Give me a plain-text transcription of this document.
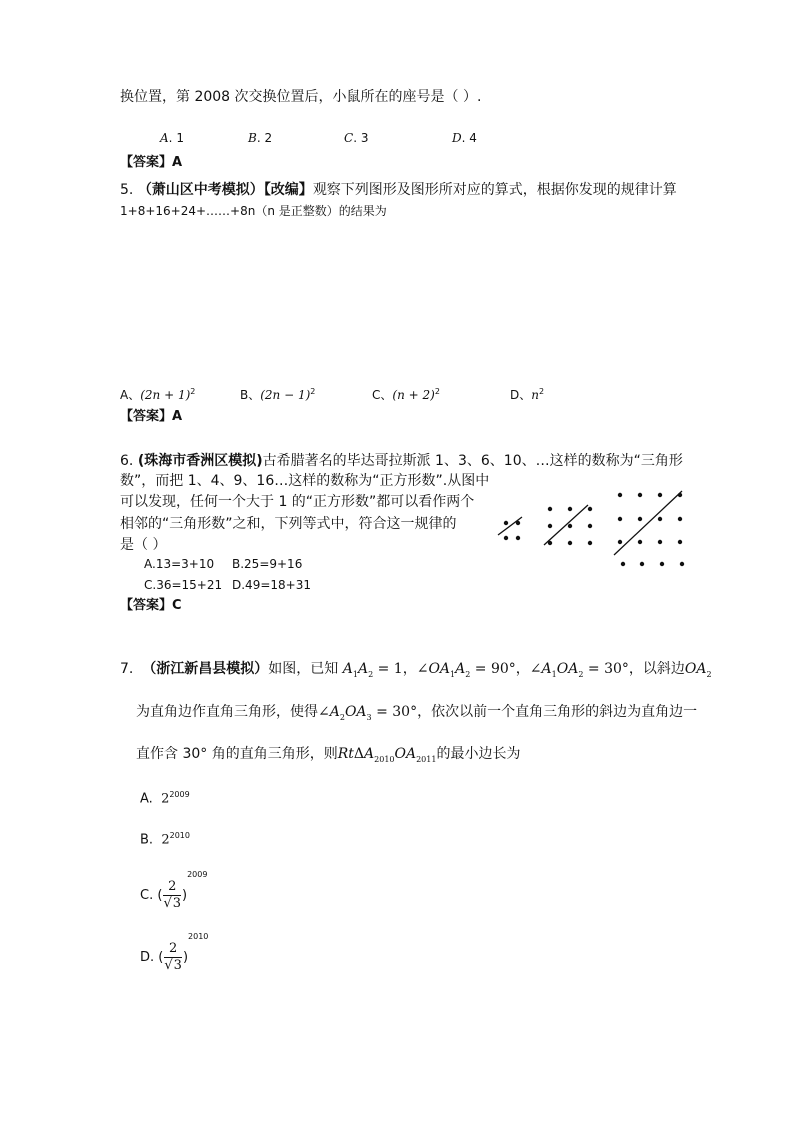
换位置，第 2008 次交换位置后，小鼠所在的座号是（ ）.
A. 1	B. 2	C. 3	D. 4
【答案】A
5. （萧山区中考模拟）【改编】观察下列图形及图形所对应的算式，根据你发现的规律计算
1+8+16+24+……+8n（n 是正整数）的结果为
A、$(2n + 1)^2$	B、$(2n - 1)^2$	C、$(n + 2)^2$	D、$n^2$
【答案】A
6. (珠海市香洲区模拟)古希腊著名的毕达哥拉斯派 1、3、6、10、…这样的数称为“三角形
数”，而把 1、4、9、16…这样的数称为“正方形数”.从图中
可以发现，任何一个大于 1 的“正方形数”都可以看作两个
相邻的“三角形数”之和，下列等式中，符合这一规律的
是（ ）
A.13=3+10 B.25=9+16
C.36=15+21 D.49=18+31
【答案】C
7. （浙江新昌县模拟）如图，已知 $A_1A_2 = 1$，$\angle OA_1A_2 = 90^\circ$，$\angle A_1OA_2 = 30^\circ$，以斜边$OA_2$
为直角边作直角三角形，使得$\angle A_2OA_3 = 30^\circ$，依次以前一个直角三角形的斜边为直角边一
直作含 30° 角的直角三角形，则$Rt\Delta A_{2010}OA_{2011}$的最小边长为
A. $2^{2009}$
B. $2^{2010}$
C. ( $\frac{2}{√3} )^{2009}$
D. ( $\frac{2}{√3} )^{2010}$
